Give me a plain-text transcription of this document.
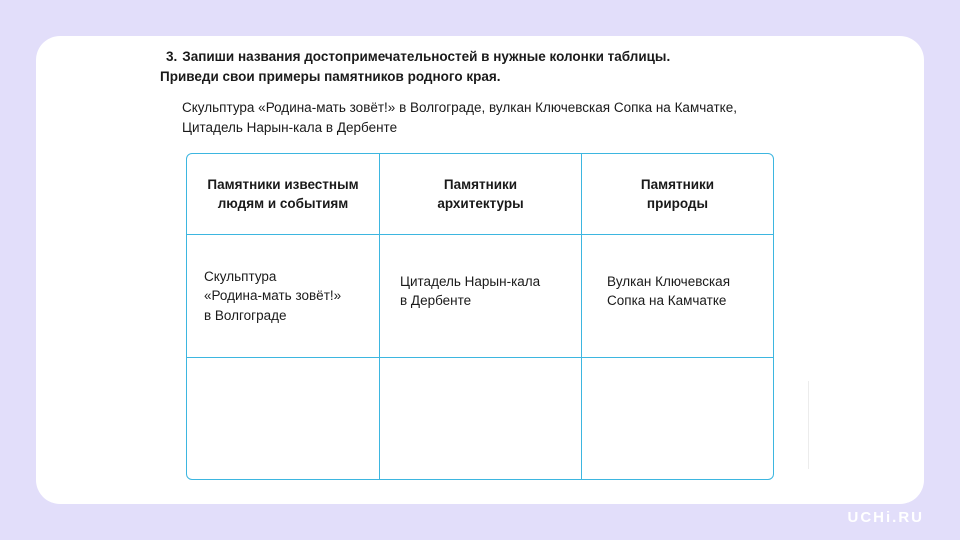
3. Запиши названия достопримечательностей в нужные колонки таблицы.
Приведи свои примеры памятников родного края.
Скульптура «Родина-мать зовёт!» в Волгограде, вулкан Ключевская Сопка на Камчатке,
Цитадель Нарын-кала в Дербенте
Памятники известным
людям и событиям
Памятники
архитектуры
Памятники
природы
Скульптура
«Родина-мать зовёт!»
в Волгограде
Цитадель Нарын-кала
в Дербенте
Вулкан Ключевская
Сопка на Камчатке
UCHi.RU
